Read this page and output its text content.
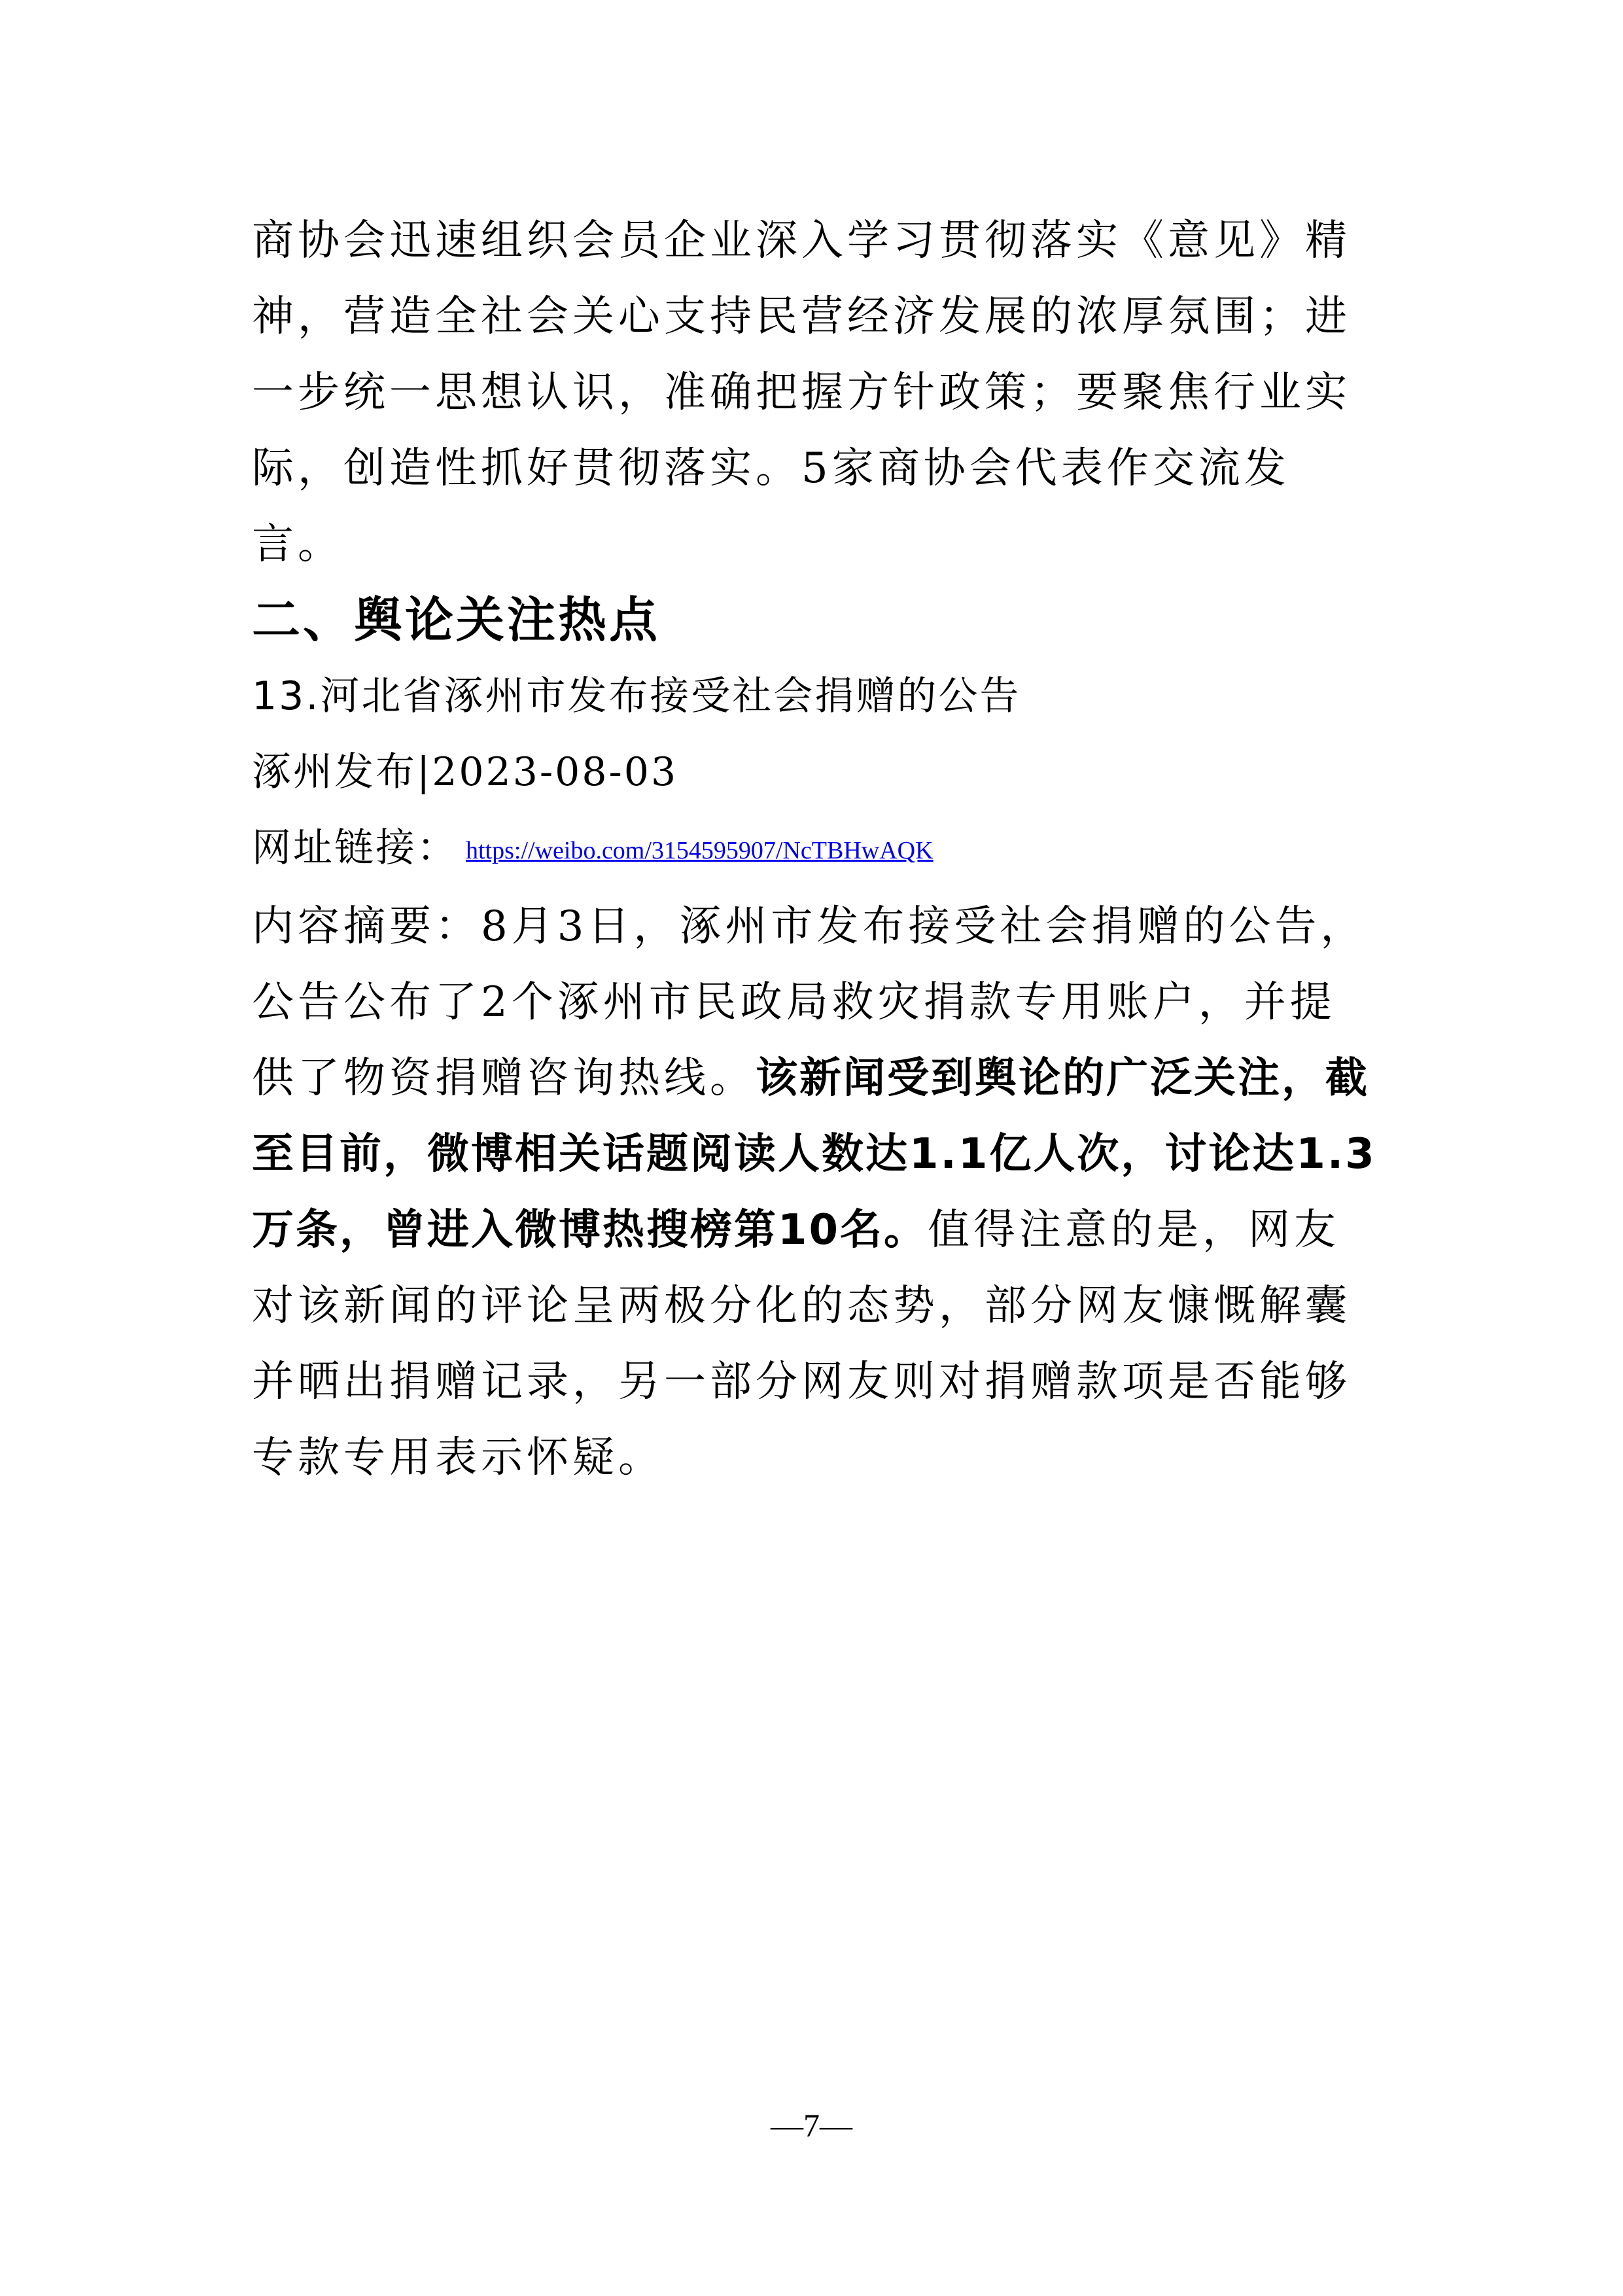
商协会迅速组织会员企业深入学习贯彻落实《意见》精神，营造全社会关心支持民营经济发展的浓厚氛围；进一步统一思想认识，准确把握方针政策；要聚焦行业实际，创造性抓好贯彻落实。5家商协会代表作交流发言。

二、舆论关注热点
13.河北省涿州市发布接受社会捐赠的公告
涿州发布|2023-08-03
网址链接： https://weibo.com/3154595907/NcTBHwAQK

内容摘要：8月3日，涿州市发布接受社会捐赠的公告，公告公布了2个涿州市民政局救灾捐款专用账户，并提供了物资捐赠咨询热线。该新闻受到舆论的广泛关注，截至目前，微博相关话题阅读人数达1.1亿人次，讨论达1.3万条，曾进入微博热搜榜第10名。值得注意的是，网友对该新闻的评论呈两极分化的态势，部分网友慷慨解囊并晒出捐赠记录，另一部分网友则对捐赠款项是否能够专款专用表示怀疑。

—7—
